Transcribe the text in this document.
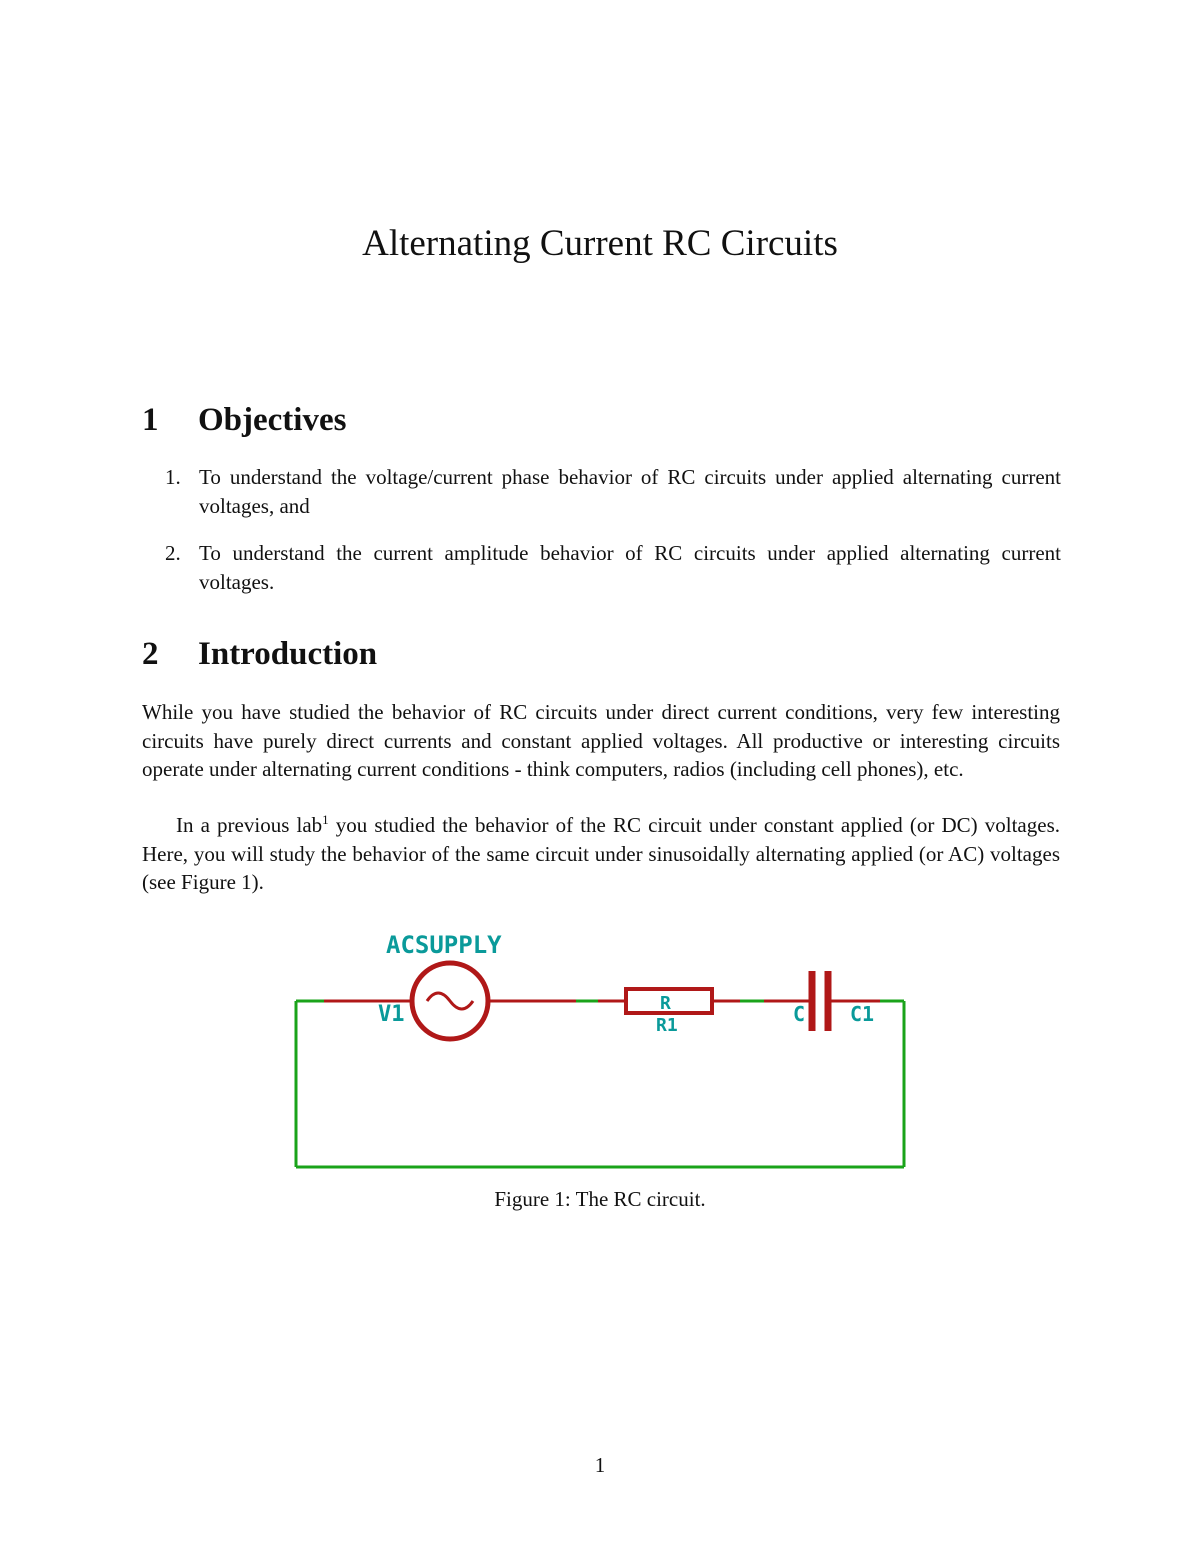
Alternating Current RC Circuits
1 Objectives
1. To understand the voltage/current phase behavior of RC circuits under applied alternating current voltages, and
2. To understand the current amplitude behavior of RC circuits under applied alternating current voltages.
2 Introduction

While you have studied the behavior of RC circuits under direct current conditions, very few interesting circuits have purely direct currents and constant applied voltages. All productive or interesting circuits operate under alternating current conditions - think computers, radios (including cell phones), etc.

In a previous lab$^1$ you studied the behavior of the RC circuit under constant applied (or DC) voltages. Here, you will study the behavior of the same circuit under sinusoidally alternating applied (or AC) voltages (see Figure 1).

ACSUPPLY
V1	R
R1	C C1

Figure 1: The RC circuit.

1
